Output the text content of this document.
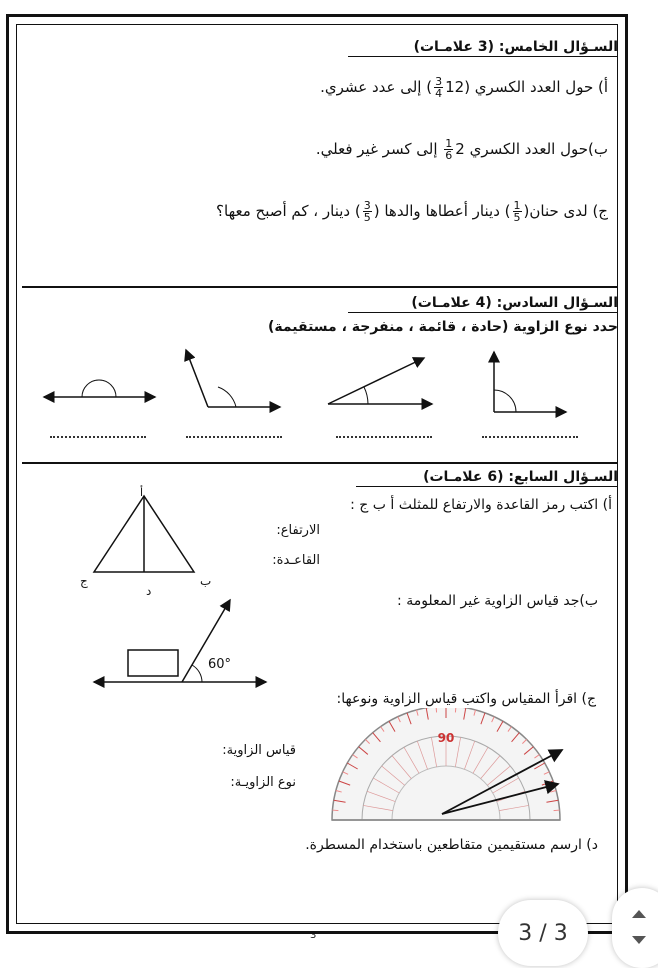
السـؤال الخامس: (3 علامـات)
أ) حول العدد الكسري (12
$\frac{3}{4}$
) إلى عدد عشري.
ب)حول العدد الكسري 2
$\frac{1}{6}$
إلى كسر غير فعلي.
ج) لدى حنان(
$\frac{1}{5}$
) دينار أعطاها والدها (
$\frac{3}{5}$
) دينار ، كم أصبح معها؟
السـؤال السادس: (4 علامـات)
حدد نوع الزاوية (حادة ، قائمة ، منفرجة ، مستقيمة)
السـؤال السابع: (6 علامـات)
أ) اكتب رمز القاعدة والارتفاع للمثلث أ ب ج :
الارتفاع:
القاعـدة:
أ
ب
ج
د
ب)جد قياس الزاوية غير المعلومة :
60°
ج) اقرأ المقياس واكتب قياس الزاوية ونوعها:
قياس الزاوية:
نوع الزاويـة:
90
د) ارسم مستقيمين متقاطعين باستخدام المسطرة.
3	3 / 3
